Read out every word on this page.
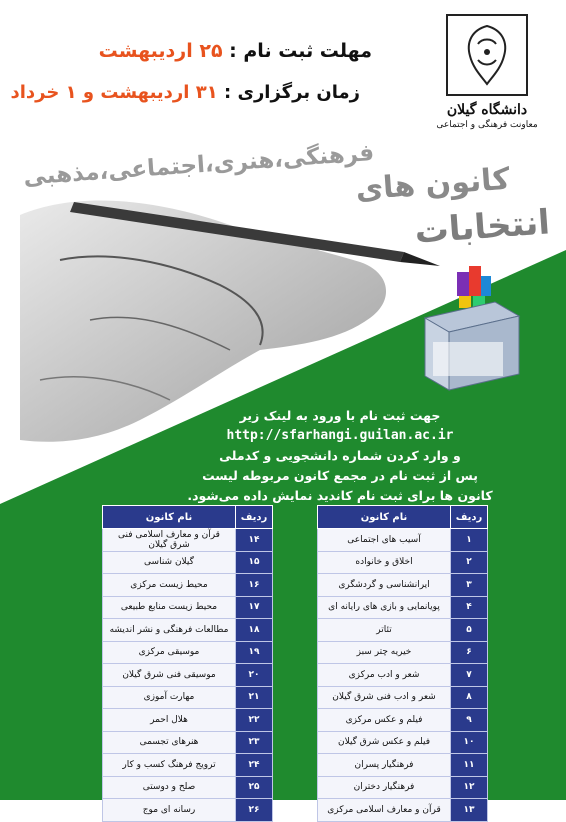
دانشگاه گیلان
معاونت فرهنگی و اجتماعی
مهلت ثبت نام : ۲۵ اردیبهشت
زمان برگزاری : ۳۱ اردیبهشت و ۱ خرداد
فرهنگی،هنری،اجتماعی،مذهبی
کانون های
انتخابات
جهت ثبت نام با ورود به لینک زیر
http://sfarhangi.guilan.ac.ir
و وارد کردن شماره دانشجویی و کدملی
پس از ثبت نام در مجمع کانون مربوطه لیست
کانون ها برای ثبت نام کاندید نمایش داده می‌شود.
ردیف	نام کانون
۱	آسیب های اجتماعی
۲	اخلاق و خانواده
۳	ایرانشناسی و گردشگری
۴	پویانمایی و بازی های رایانه ای
۵	تئاتر
۶	خیریه چتر سبز
۷	شعر و ادب مرکزی
۸	شعر و ادب فنی شرق گیلان
۹	فیلم و عکس مرکزی
۱۰	فیلم و عکس شرق گیلان
۱۱	فرهنگیار پسران
۱۲	فرهنگیار دختران
۱۳	قرآن و معارف اسلامی مرکزی
ردیف	نام کانون
۱۴	قرآن و معارف اسلامی فنی شرق گیلان
۱۵	گیلان شناسی
۱۶	محیط زیست مرکزی
۱۷	محیط زیست منابع طبیعی
۱۸	مطالعات فرهنگی و نشر اندیشه
۱۹	موسیقی مرکزی
۲۰	موسیقی فنی شرق گیلان
۲۱	مهارت آموزی
۲۲	هلال احمر
۲۳	هنرهای تجسمی
۲۴	ترویج فرهنگ کسب و کار
۲۵	صلح و دوستی
۲۶	رسانه ای موج
